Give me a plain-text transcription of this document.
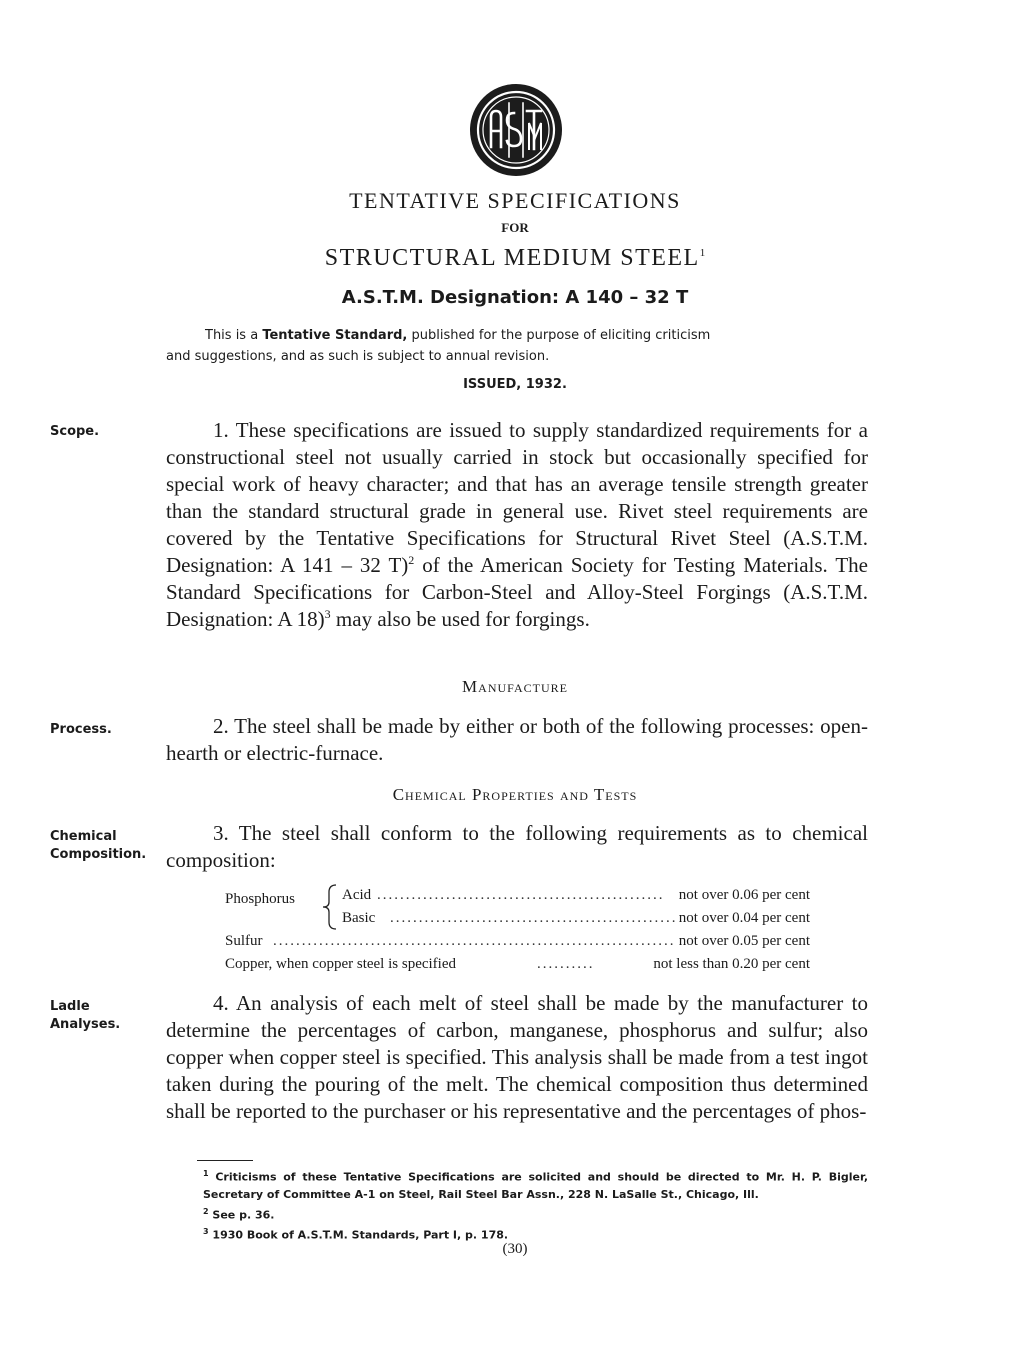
TENTATIVE SPECIFICATIONS
FOR
STRUCTURAL MEDIUM STEEL$^1$
A.S.T.M. Designation: A 140 – 32 T
This is a Tentative Standard, published for the purpose of eliciting criticism
and suggestions, and as such is subject to annual revision.
ISSUED, 1932.
Scope.	1. These specifications are issued to supply standardized requirements for a constructional steel not usually carried in stock but occasionally specified for special work of heavy character; and that has an average tensile strength greater than the standard structural grade in general use. Rivet steel requirements are covered by the Tentative Specifications for Structural Rivet Steel (A.S.T.M. Designation: A 141 – 32 T)$^2$ of the American Society for Testing Materials. The Standard Specifications for Carbon-Steel and Alloy-Steel Forgings (A.S.T.M. Designation: A 18)$^3$ may also be used for forgings.
Manufacture
Process.	2. The steel shall be made by either or both of the following processes: open-hearth or electric-furnace.
Chemical Properties and Tests
Chemical
Composition.
3. The steel shall conform to the following requirements as to chemical composition:
Phosphorus	Acid .................................................. not over 0.06 per cent
Basic .................................................. not over 0.04 per cent
Sulfur ...................................................................... not over 0.05 per cent
Copper, when copper steel is specified	..........	not less than 0.20 per cent
Ladle
Analyses.
4. An analysis of each melt of steel shall be made by the manufacturer to determine the percentages of carbon, manganese, phosphorus and sulfur; also copper when copper steel is specified. This analysis shall be made from a test ingot taken during the pouring of the melt. The chemical composition thus determined shall be reported to the purchaser or his representative and the percentages of phos-
$^1$ Criticisms of these Tentative Specifications are solicited and should be directed to Mr. H. P. Bigler, Secretary of Committee A-1 on Steel, Rail Steel Bar Assn., 228 N. LaSalle St., Chicago, Ill.
$^2$ See p. 36.
$^3$ 1930 Book of A.S.T.M. Standards, Part I, p. 178.
(30)
